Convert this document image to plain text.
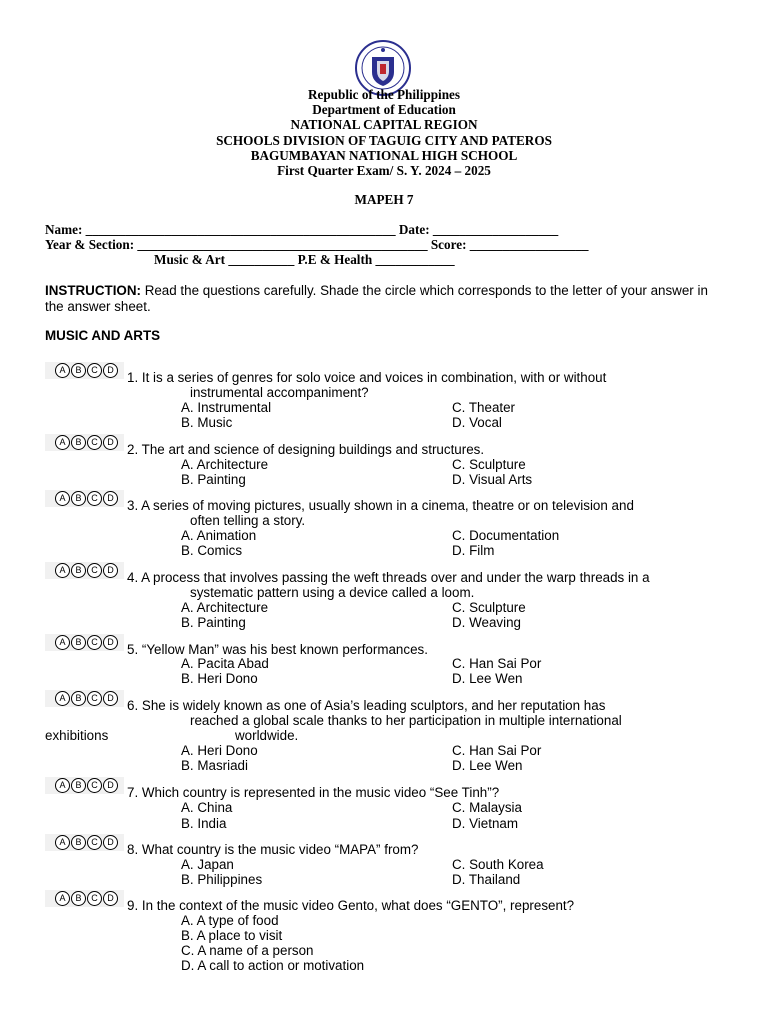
Republic of the Philippines
Department of Education
NATIONAL CAPITAL REGION
SCHOOLS DIVISION OF TAGUIG CITY AND PATEROS
BAGUMBAYAN NATIONAL HIGH SCHOOL
First Quarter Exam/ S. Y. 2024 – 2025
MAPEH 7
Name: _______________________________________________ Date: ___________________
Year & Section: ____________________________________________ Score: __________________
Music & Art __________ P.E & Health ____________
INSTRUCTION: Read the questions carefully. Shade the circle which corresponds to the letter of your answer in the answer sheet.
MUSIC AND ARTS
A	B	C	D 1. It is a series of genres for solo voice and voices in combination, with or without
instrumental accompaniment?
A. Instrumental	C. Theater
B. Music	D. Vocal
A	B	C	D 2. The art and science of designing buildings and structures.
A. Architecture	C. Sculpture
B. Painting	D. Visual Arts
A	B	C	D 3. A series of moving pictures, usually shown in a cinema, theatre or on television and
often telling a story.
A. Animation	C. Documentation
B. Comics	D. Film
A	B	C	D 4. A process that involves passing the weft threads over and under the warp threads in a
systematic pattern using a device called a loom.
A. Architecture	C. Sculpture
B. Painting	D. Weaving
A	B	C	D 5. “Yellow Man” was his best known performances.
A. Pacita Abad	C. Han Sai Por
B. Heri Dono	D. Lee Wen
A	B	C	D 6. She is widely known as one of Asia’s leading sculptors, and her reputation has
reached a global scale thanks to her participation in multiple international
exhibitions	worldwide.
A. Heri Dono	C. Han Sai Por
B. Masriadi	D. Lee Wen
A	B	C	D 7. Which country is represented in the music video “See Tinh”?
A. China	C. Malaysia
B. India	D. Vietnam
A	B	C	D 8. What country is the music video “MAPA” from?
A. Japan	C. South Korea
B. Philippines	D. Thailand
A	B	C	D 9. In the context of the music video Gento, what does “GENTO”, represent?
A. A type of food
B. A place to visit
C. A name of a person
D. A call to action or motivation
